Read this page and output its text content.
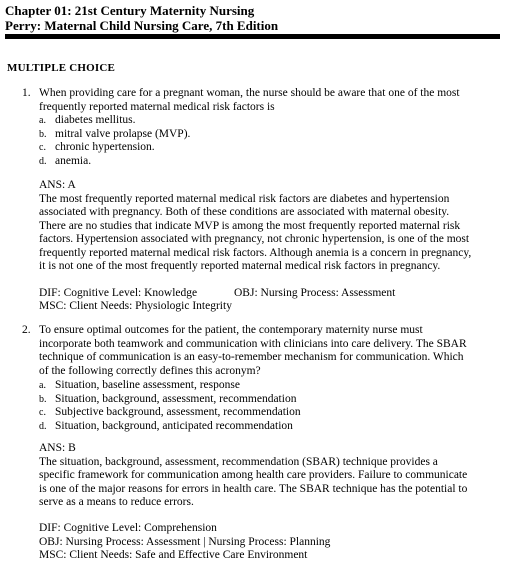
Chapter 01: 21st Century Maternity Nursing
Perry: Maternal Child Nursing Care, 7th Edition
MULTIPLE CHOICE
1. When providing care for a pregnant woman, the nurse should be aware that one of the most
frequently reported maternal medical risk factors is
a. diabetes mellitus.
b. mitral valve prolapse (MVP).
c. chronic hypertension.
d. anemia.
ANS: A
The most frequently reported maternal medical risk factors are diabetes and hypertension
associated with pregnancy. Both of these conditions are associated with maternal obesity.
There are no studies that indicate MVP is among the most frequently reported maternal risk
factors. Hypertension associated with pregnancy, not chronic hypertension, is one of the most
frequently reported maternal medical risk factors. Although anemia is a concern in pregnancy,
it is not one of the most frequently reported maternal medical risk factors in pregnancy.
DIF: Cognitive Level: Knowledge	OBJ: Nursing Process: Assessment
MSC: Client Needs: Physiologic Integrity
2. To ensure optimal outcomes for the patient, the contemporary maternity nurse must
incorporate both teamwork and communication with clinicians into care delivery. The SBAR
technique of communication is an easy-to-remember mechanism for communication. Which
of the following correctly defines this acronym?
a. Situation, baseline assessment, response
b. Situation, background, assessment, recommendation
c. Subjective background, assessment, recommendation
d. Situation, background, anticipated recommendation
ANS: B
The situation, background, assessment, recommendation (SBAR) technique provides a
specific framework for communication among health care providers. Failure to communicate
is one of the major reasons for errors in health care. The SBAR technique has the potential to
serve as a means to reduce errors.
DIF: Cognitive Level: Comprehension
OBJ: Nursing Process: Assessment | Nursing Process: Planning
MSC: Client Needs: Safe and Effective Care Environment
